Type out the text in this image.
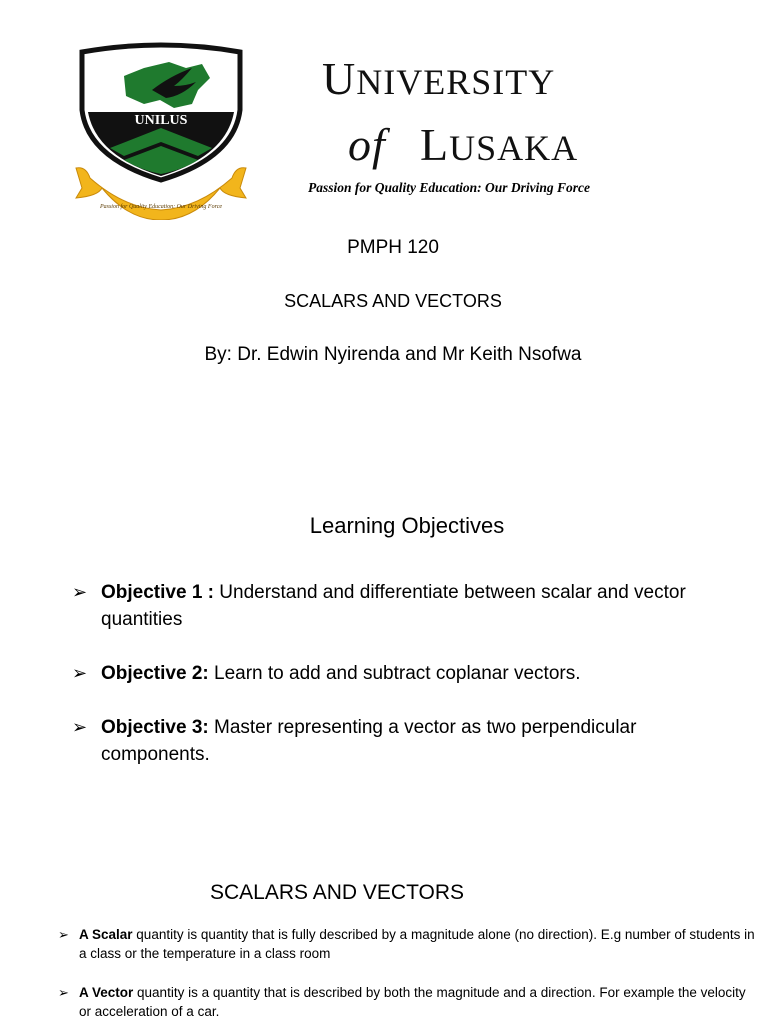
UNILUS
Passion for Quality Education: Our Driving Force
UNIVERSITY
of LUSAKA
Passion for Quality Education: Our Driving Force
PMPH 120
SCALARS AND VECTORS
By: Dr. Edwin Nyirenda and Mr Keith Nsofwa
Learning Objectives
➢ Objective 1 : Understand and differentiate between scalar and vector quantities
➢ Objective 2: Learn to add and subtract coplanar vectors.
➢ Objective 3: Master representing a vector as two perpendicular components.
SCALARS AND VECTORS
➢ A Scalar quantity is quantity that is fully described by a magnitude alone (no direction). E.g number of students in a class or the temperature in a class room
➢ A Vector quantity is a quantity that is described by both the magnitude and a direction. For example the velocity or acceleration of a car.
